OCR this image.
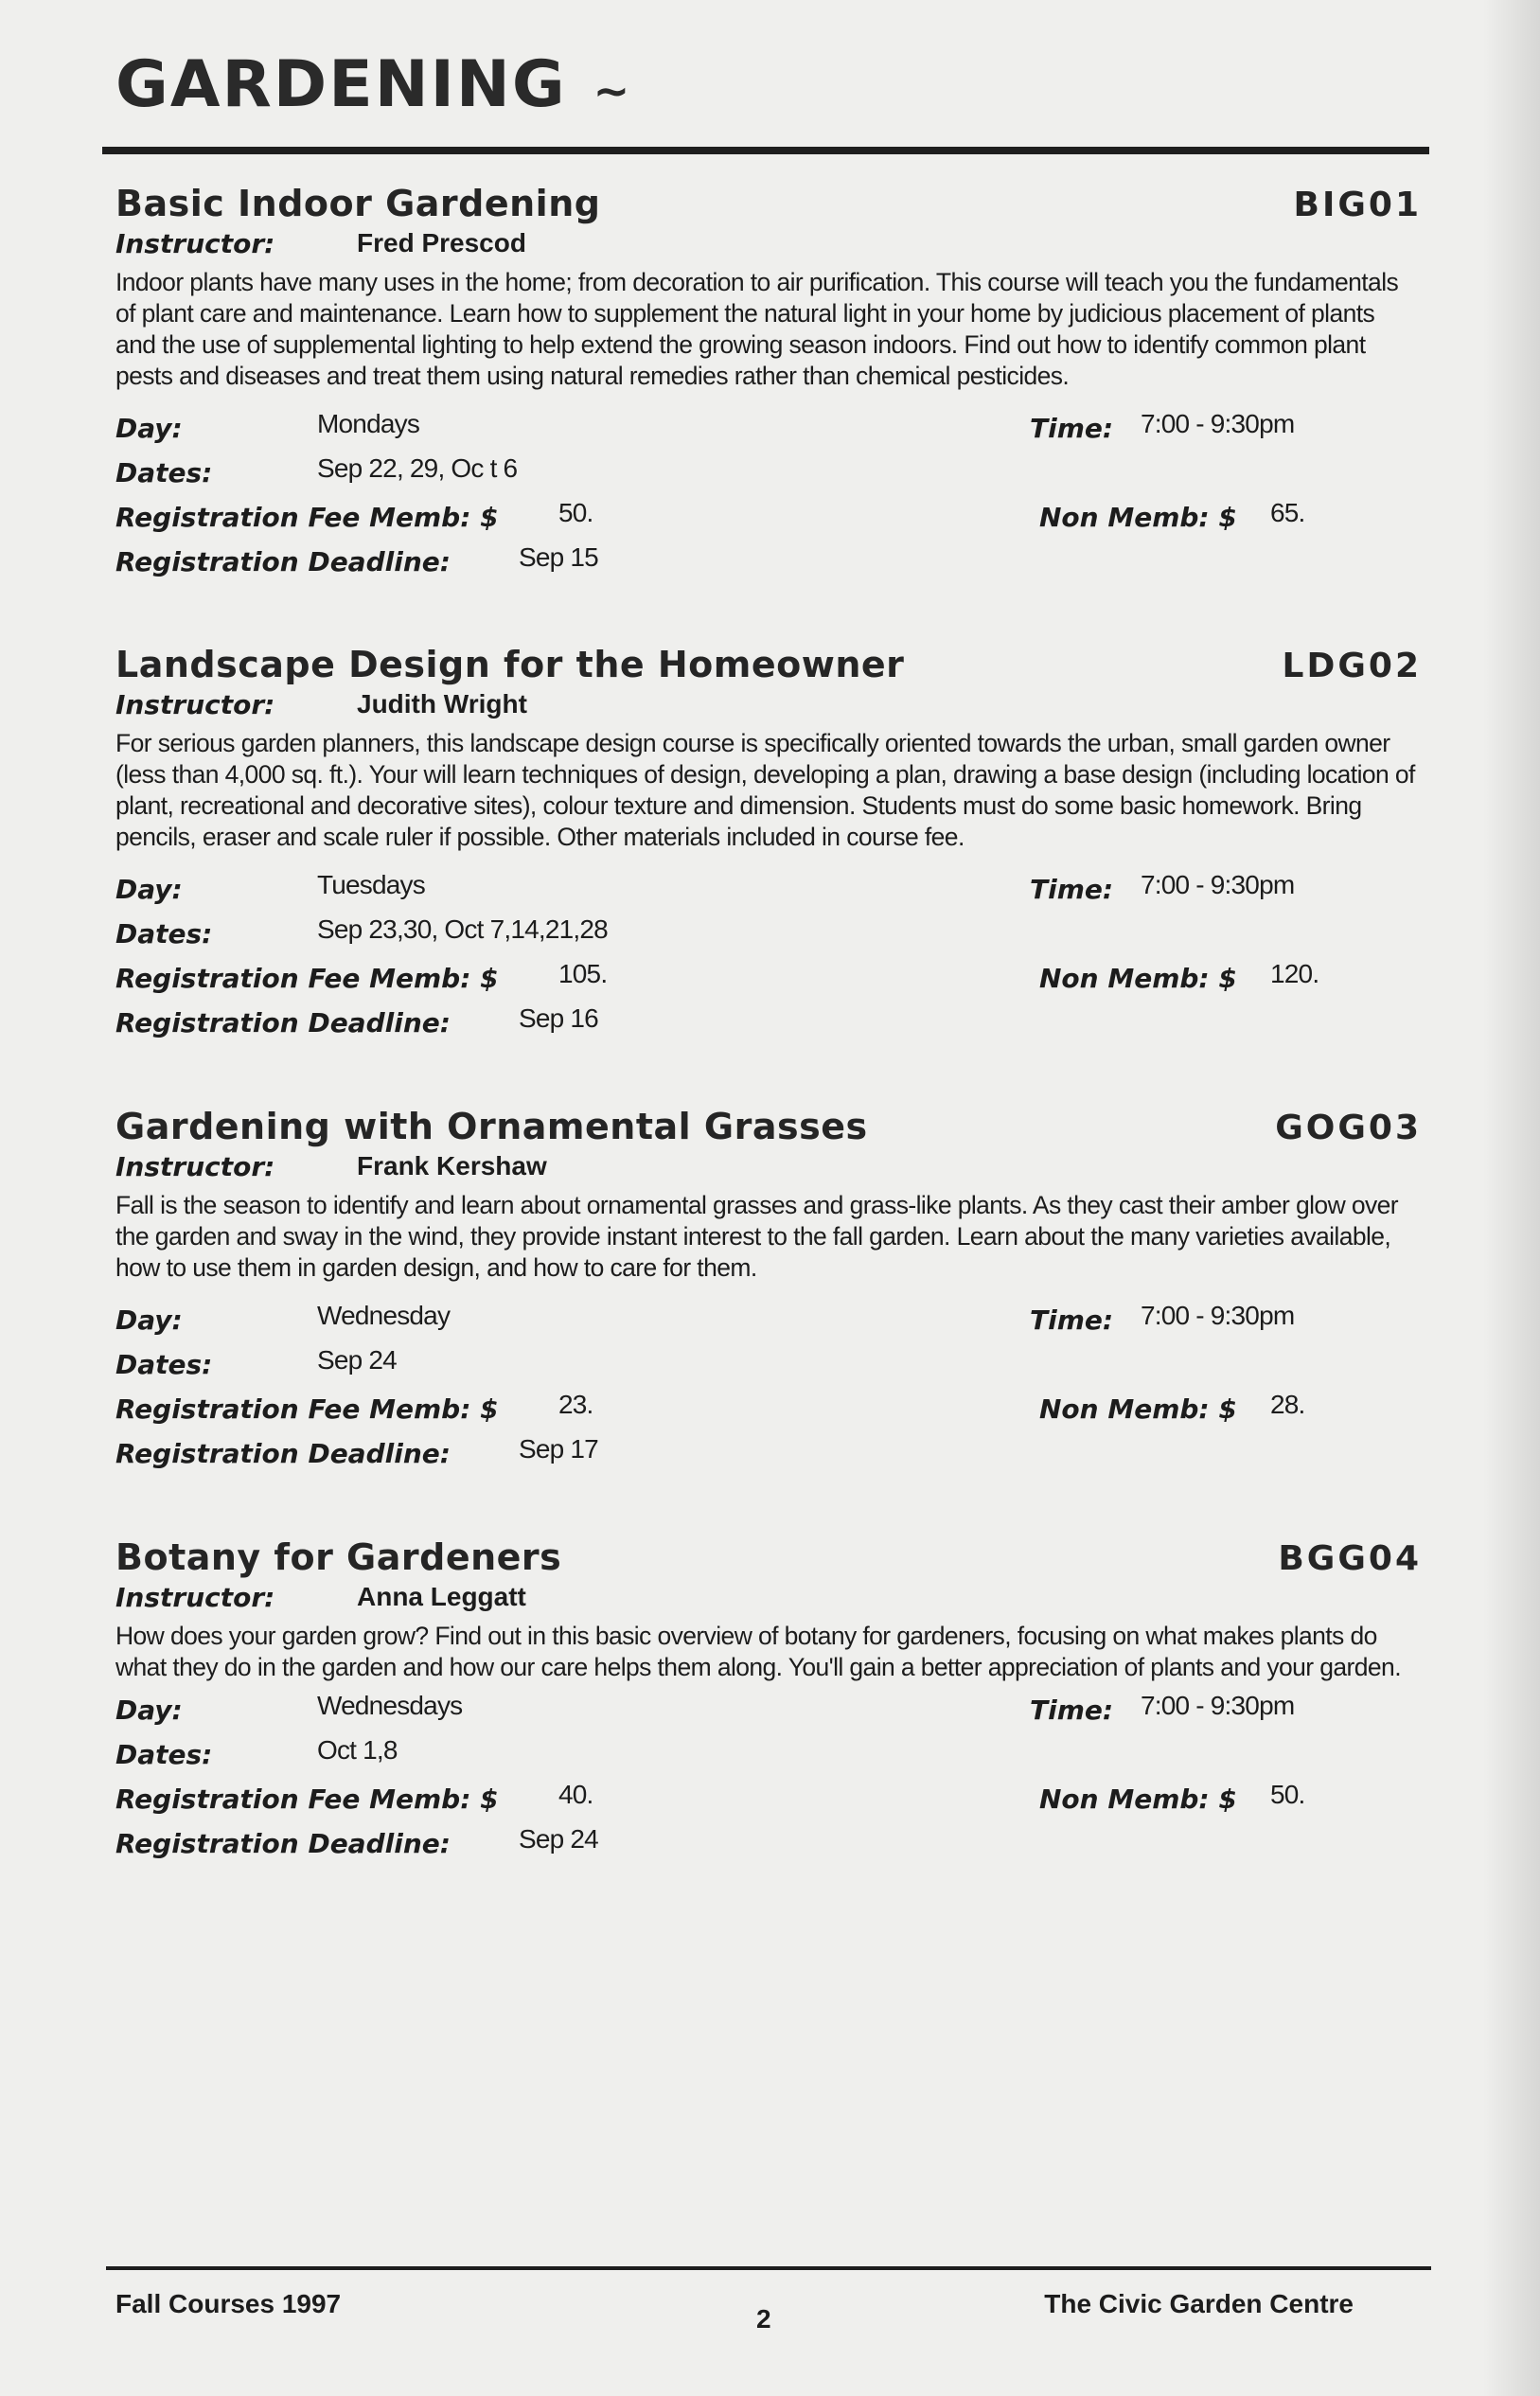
GARDENING ~
Basic Indoor Gardening	BIG01
Instructor:	Fred Prescod
Indoor plants have many uses in the home; from decoration to air purification. This course will teach you the fundamentals of plant care and maintenance. Learn how to supplement the natural light in your home by judicious placement of plants and the use of supplemental lighting to help extend the growing season indoors. Find out how to identify common plant pests and diseases and treat them using natural remedies rather than chemical pesticides.
Day:	Mondays	Time: 7:00 - 9:30pm
Dates:	Sep 22, 29, Oc t 6
Registration Fee Memb: $ 50.	Non Memb: $ 65.
Registration Deadline:	Sep 15
Landscape Design for the Homeowner	LDG02
Instructor:	Judith Wright
For serious garden planners, this landscape design course is specifically oriented towards the urban, small garden owner (less than 4,000 sq. ft.). Your will learn techniques of design, developing a plan, drawing a base design (including location of plant, recreational and decorative sites), colour texture and dimension. Students must do some basic homework. Bring pencils, eraser and scale ruler if possible. Other materials included in course fee.
Day:	Tuesdays	Time: 7:00 - 9:30pm
Dates:	Sep 23,30, Oct 7,14,21,28
Registration Fee Memb: $ 105.	Non Memb: $ 120.
Registration Deadline:	Sep 16
Gardening with Ornamental Grasses	GOG03
Instructor:	Frank Kershaw
Fall is the season to identify and learn about ornamental grasses and grass-like plants. As they cast their amber glow over the garden and sway in the wind, they provide instant interest to the fall garden. Learn about the many varieties available, how to use them in garden design, and how to care for them.
Day:	Wednesday	Time: 7:00 - 9:30pm
Dates:	Sep 24
Registration Fee Memb: $ 23.	Non Memb: $ 28.
Registration Deadline:	Sep 17
Botany for Gardeners	BGG04
Instructor:	Anna Leggatt
How does your garden grow? Find out in this basic overview of botany for gardeners, focusing on what makes plants do what they do in the garden and how our care helps them along. You'll gain a better appreciation of plants and your garden.
Day:	Wednesdays	Time: 7:00 - 9:30pm
Dates:	Oct 1,8
Registration Fee Memb: $ 40.	Non Memb: $ 50.
Registration Deadline:	Sep 24
Fall Courses 1997
2
The Civic Garden Centre
